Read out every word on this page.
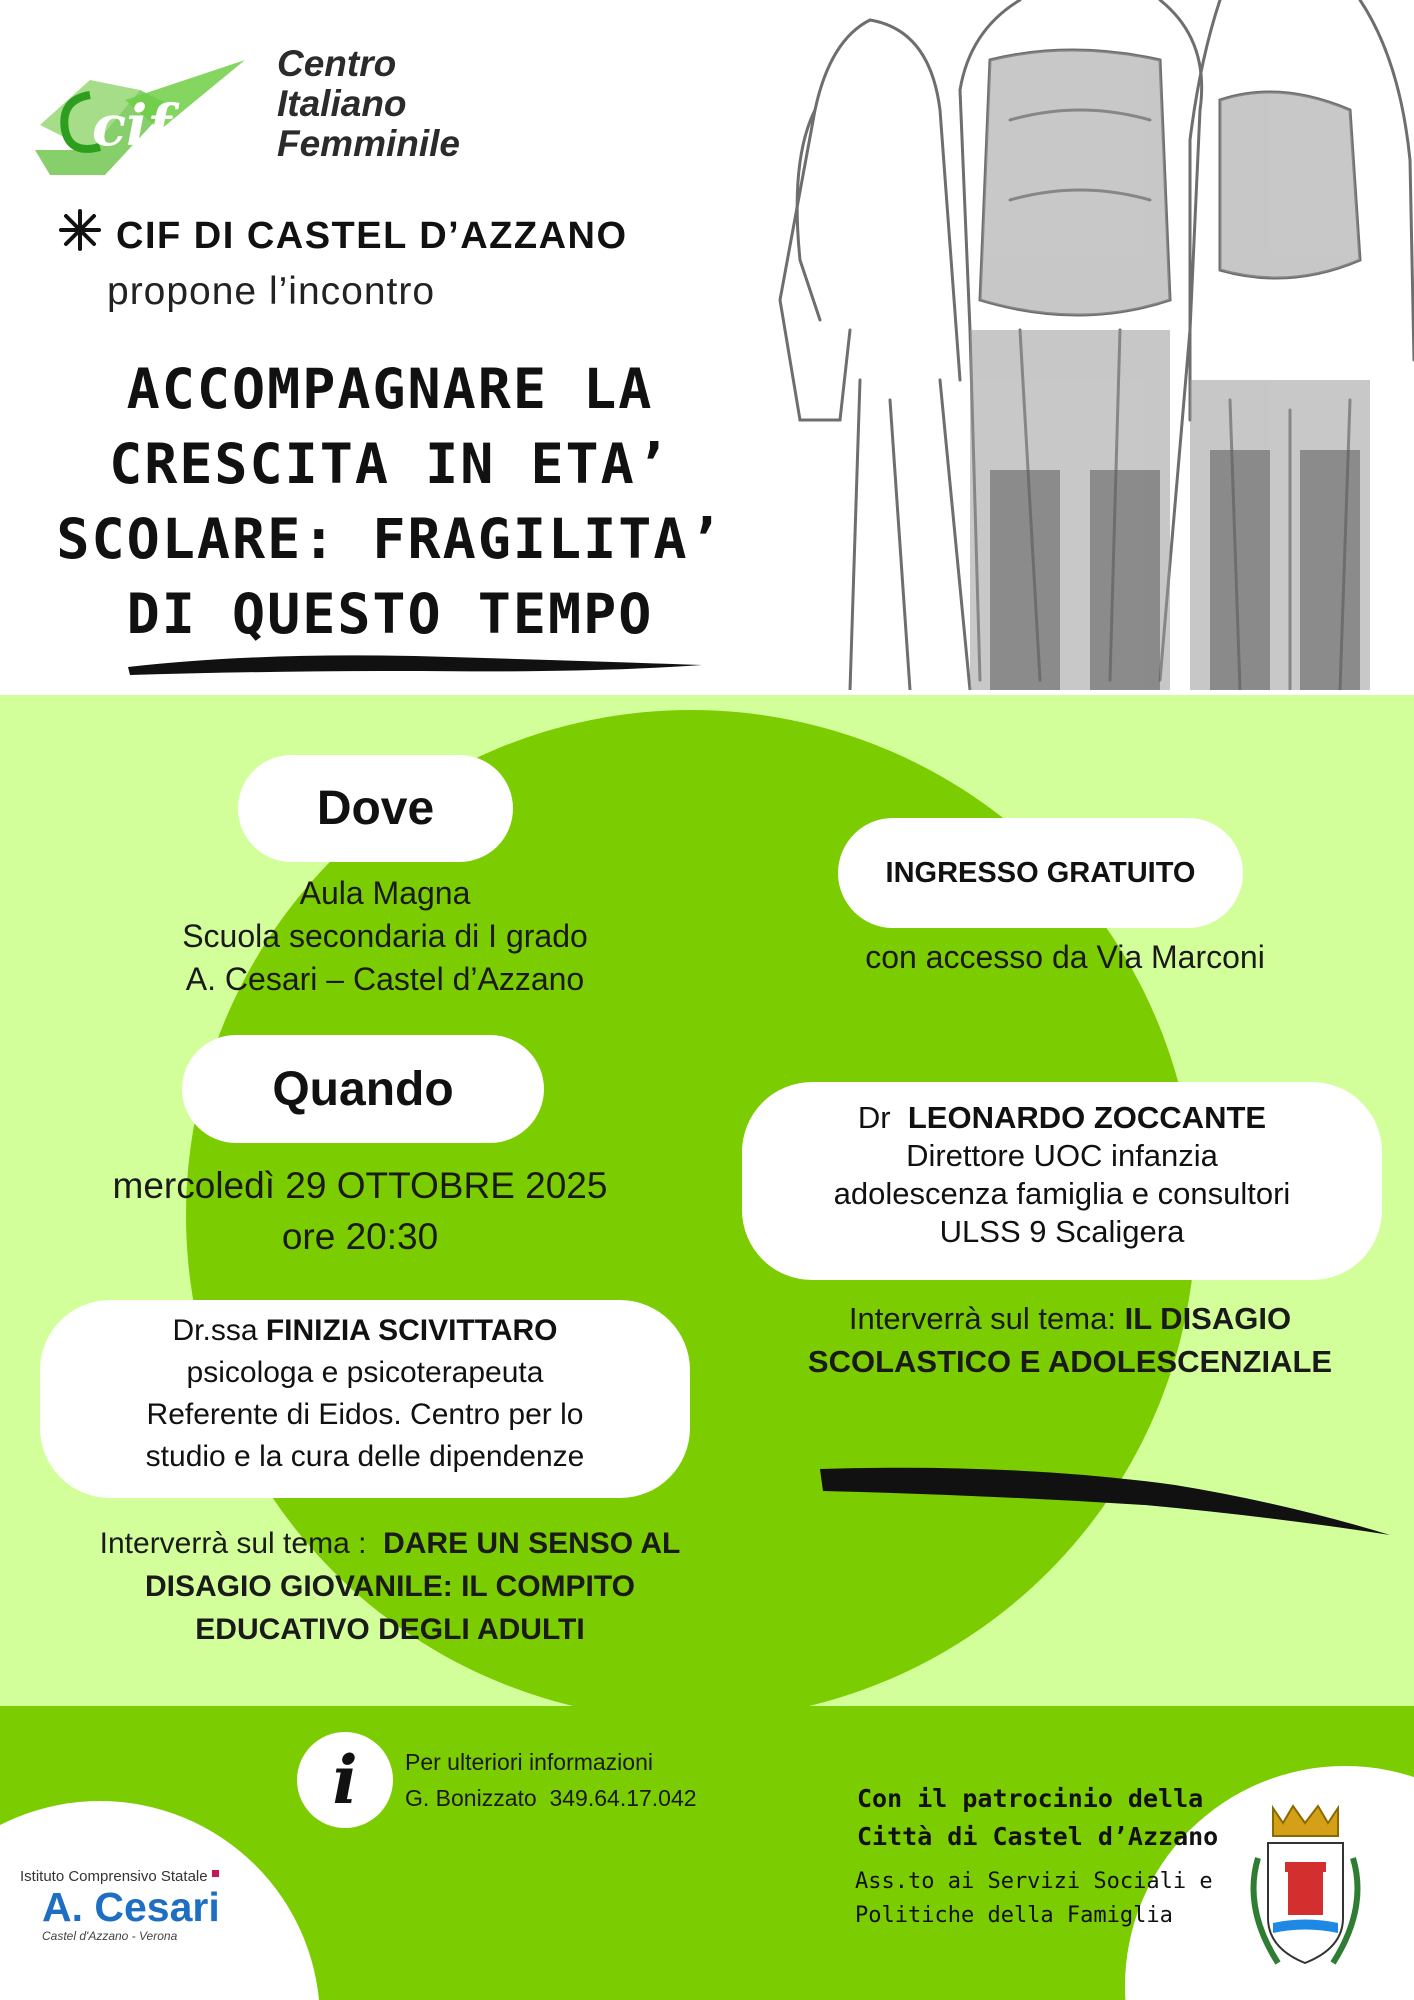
cif
Centro
Italiano
Femminile
CIF DI CASTEL D’AZZANO
propone l’incontro
ACCOMPAGNARE LA
CRESCITA IN ETA’
SCOLARE: FRAGILITA’
DI QUESTO TEMPO
Dove
Aula Magna
Scuola secondaria di I grado
A. Cesari – Castel d’Azzano
INGRESSO GRATUITO
con accesso da Via Marconi
Quando
mercoledì 29 OTTOBRE 2025
ore 20:30
Dr LEONARDO ZOCCANTE
Direttore UOC infanzia
adolescenza famiglia e consultori
ULSS 9 Scaligera
Interverrà sul tema: IL DISAGIO
SCOLASTICO E ADOLESCENZIALE
Dr.ssa FINIZIA SCIVITTARO
psicologa e psicoterapeuta
Referente di Eidos. Centro per lo
studio e la cura delle dipendenze
Interverrà sul tema : DARE UN SENSO AL
DISAGIO GIOVANILE: IL COMPITO
EDUCATIVO DEGLI ADULTI
i Per ulteriori informazioni
G. Bonizzato 349.64.17.042
Istituto Comprensivo Statale
A. Cesari
Castel d'Azzano - Verona
Con il patrocinio della
Città di Castel d’Azzano
Ass.to ai Servizi Sociali e
Politiche della Famiglia
